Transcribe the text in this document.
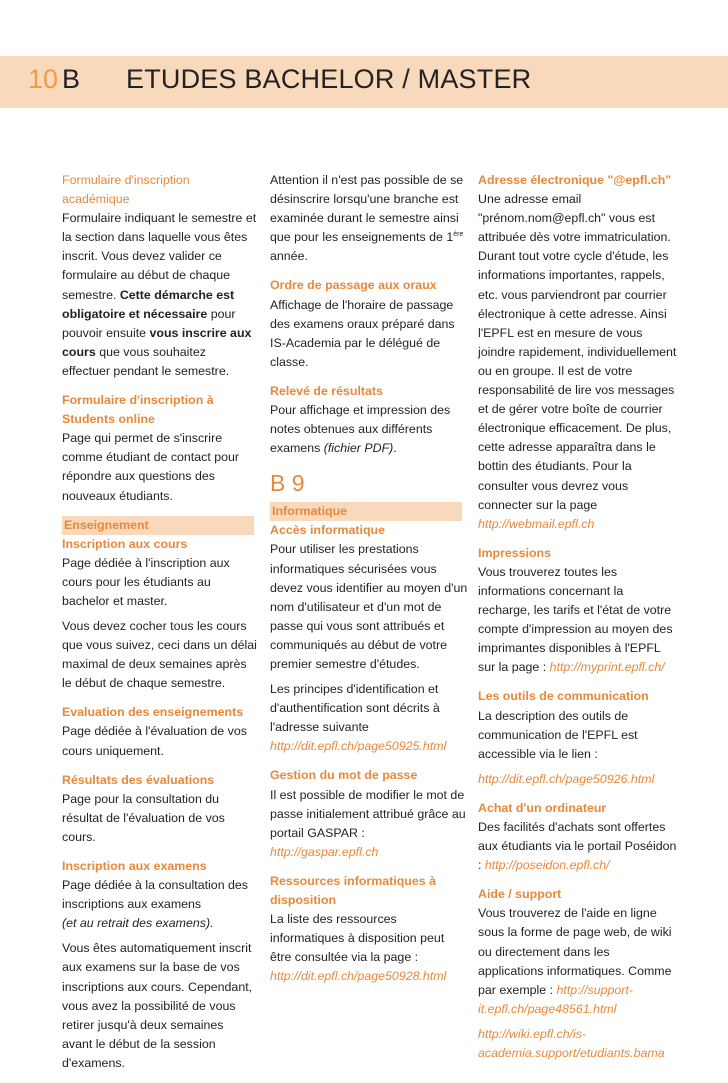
10 B ETUDES BACHELOR / MASTER
Formulaire d'inscription académique
Formulaire indiquant le semestre et la section dans laquelle vous êtes inscrit. Vous devez valider ce formulaire au début de chaque semestre. Cette démarche est obligatoire et nécessaire pour pouvoir ensuite vous inscrire aux cours que vous souhaitez effectuer pendant le semestre.
Formulaire d'inscription à Students online
Page qui permet de s'inscrire comme étudiant de contact pour répondre aux questions des nouveaux étudiants.
Enseignement
Inscription aux cours
Page dédiée à l'inscription aux cours pour les étudiants au bachelor et master.
Vous devez cocher tous les cours que vous suivez, ceci dans un délai maximal de deux semaines après le début de chaque semestre.
Evaluation des enseignements
Page dédiée à l'évaluation de vos cours uniquement.
Résultats des évaluations
Page pour la consultation du résultat de l'évaluation de vos cours.
Inscription aux examens
Page dédiée à la consultation des inscriptions aux examens
(et au retrait des examens).
Vous êtes automatiquement inscrit aux examens sur la base de vos inscriptions aux cours. Cependant, vous avez la possibilité de vous retirer jusqu'à deux semaines avant le début de la session d'examens.
Attention il n'est pas possible de se désinscrire lorsqu'une branche est examinée durant le semestre ainsi que pour les enseignements de 1ère année.
Ordre de passage aux oraux
Affichage de l'horaire de passage des examens oraux préparé dans IS-Academia par le délégué de classe.
Relevé de résultats
Pour affichage et impression des notes obtenues aux différents examens (fichier PDF).
B 9
Informatique
Accès informatique
Pour utiliser les prestations informatiques sécurisées vous devez vous identifier au moyen d'un nom d'utilisateur et d'un mot de passe qui vous sont attribués et communiqués au début de votre premier semestre d'études.
Les principes d'identification et d'authentification sont décrits à l'adresse suivante
http://dit.epfl.ch/page50925.html
Gestion du mot de passe
Il est possible de modifier le mot de passe initialement attribué grâce au portail GASPAR :
http://gaspar.epfl.ch
Ressources informatiques à disposition
La liste des ressources informatiques à disposition peut être consultée via la page :
http://dit.epfl.ch/page50928.html
Adresse électronique "@epfl.ch"
Une adresse email "prénom.nom@epfl.ch" vous est attribuée dès votre immatriculation. Durant tout votre cycle d'étude, les informations importantes, rappels, etc. vous parviendront par courrier électronique à cette adresse. Ainsi l'EPFL est en mesure de vous joindre rapidement, individuellement ou en groupe. Il est de votre responsabilité de lire vos messages et de gérer votre boîte de courrier électronique efficacement. De plus, cette adresse apparaîtra dans le bottin des étudiants. Pour la consulter vous devrez vous connecter sur la page
http://webmail.epfl.ch
Impressions
Vous trouverez toutes les informations concernant la recharge, les tarifs et l'état de votre compte d'impression au moyen des imprimantes disponibles à l'EPFL sur la page : http://myprint.epfl.ch/
Les outils de communication
La description des outils de communication de l'EPFL est accessible via le lien :
http://dit.epfl.ch/page50926.html
Achat d'un ordinateur
Des facilités d'achats sont offertes aux étudiants via le portail Poséidon : http://poseidon.epfl.ch/
Aide / support
Vous trouverez de l'aide en ligne sous la forme de page web, de wiki ou directement dans les applications informatiques. Comme par exemple : http://support-it.epfl.ch/page48561.html
http://wiki.epfl.ch/is-academia.support/etudiants.bama
